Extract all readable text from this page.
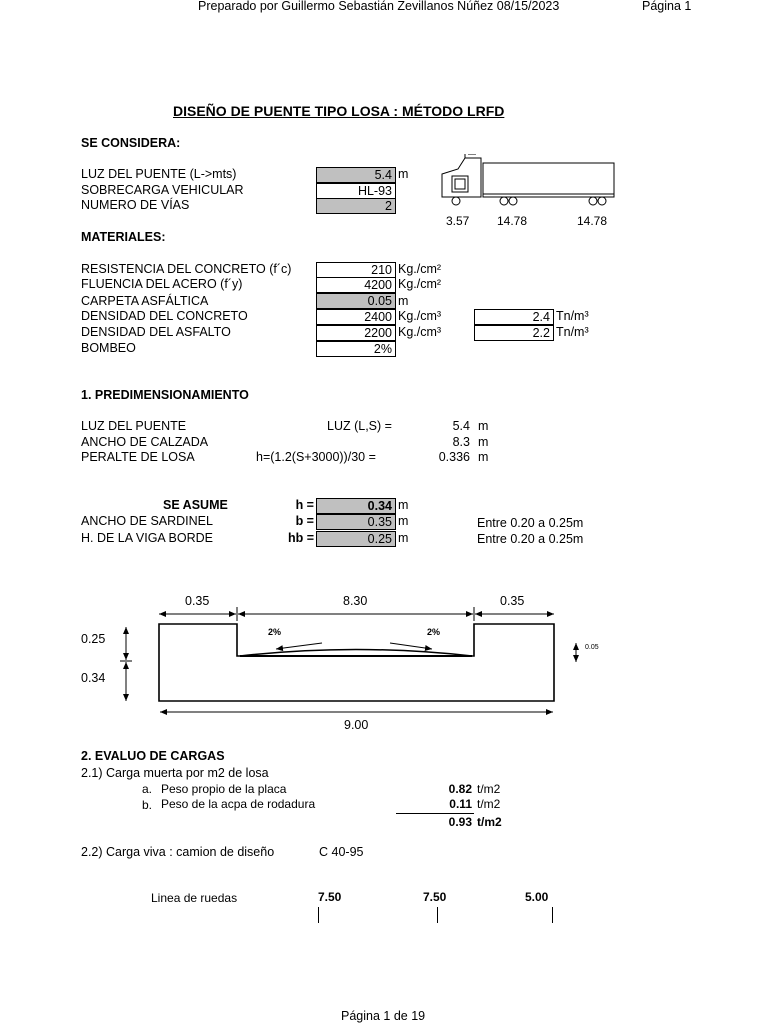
Preparado por Guillermo Sebastián Zevillanos Núñez 08/15/2023	Página 1
DISEÑO DE PUENTE TIPO LOSA : MÉTODO LRFD
SE CONSIDERA:
LUZ DEL PUENTE (L->mts)	5.4 m
SOBRECARGA VEHICULAR	HL-93
NUMERO DE VÍAS	2
3.57 14.78	14.78
MATERIALES:
RESISTENCIA DEL CONCRETO (f´c)	210 Kg./cm²
FLUENCIA DEL ACERO (f´y)	4200 Kg./cm²
CARPETA ASFÁLTICA	0.05 m
DENSIDAD DEL CONCRETO	2400 Kg./cm³	2.4 Tn/m³
DENSIDAD DEL ASFALTO	2200 Kg./cm³	2.2 Tn/m³
BOMBEO	2%
1. PREDIMENSIONAMIENTO
LUZ DEL PUENTE	LUZ (L,S) =	5.4 m
ANCHO DE CALZADA	8.3 m
PERALTE DE LOSA	h=(1.2(S+3000))/30 =	0.336 m
SE ASUME	h =	0.34 m
ANCHO DE SARDINEL	b =	0.35 m	Entre 0.20 a 0.25m
H. DE LA VIGA BORDE	hb =	0.25 m	Entre 0.20 a 0.25m
0.35	8.30	0.35
0.25
0.34
2%	2%
0.05
9.00
2. EVALUO DE CARGAS
2.1) Carga muerta por m2 de losa
a. Peso propio de la placa	0.82 t/m2
b. Peso de la acpa de rodadura	0.11 t/m2
0.93 t/m2
2.2) Carga viva : camion de diseño	C 40-95
Linea de ruedas	7.50	7.50	5.00
Página 1 de 19
